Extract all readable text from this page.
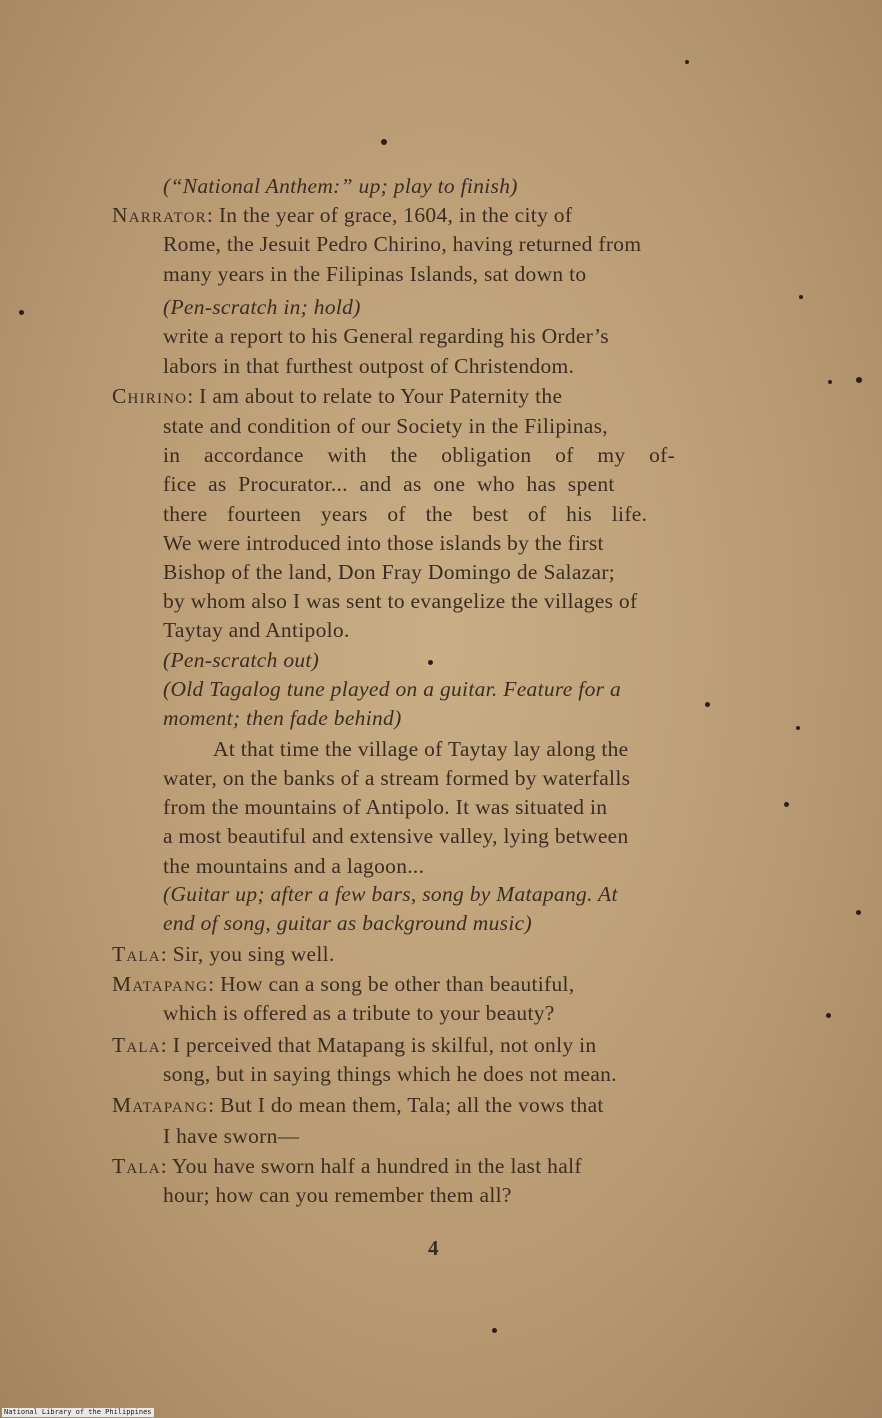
(“National Anthem:” up; play to finish)
Narrator: In the year of grace, 1604, in the city of
Rome, the Jesuit Pedro Chirino, having returned from
many years in the Filipinas Islands, sat down to
(Pen-scratch in; hold)
write a report to his General regarding his Order’s
labors in that furthest outpost of Christendom.
Chirino: I am about to relate to Your Paternity the
state and condition of our Society in the Filipinas,
in accordance with the obligation of my of-
fice as Procurator... and as one who has spent
there fourteen years of the best of his life.
We were introduced into those islands by the first
Bishop of the land, Don Fray Domingo de Salazar;
by whom also I was sent to evangelize the villages of
Taytay and Antipolo.
(Pen-scratch out)
(Old Tagalog tune played on a guitar. Feature for a
moment; then fade behind)
At that time the village of Taytay lay along the
water, on the banks of a stream formed by waterfalls
from the mountains of Antipolo. It was situated in
a most beautiful and extensive valley, lying between
the mountains and a lagoon...
(Guitar up; after a few bars, song by Matapang. At
end of song, guitar as background music)
Tala: Sir, you sing well.
Matapang: How can a song be other than beautiful,
which is offered as a tribute to your beauty?
Tala: I perceived that Matapang is skilful, not only in
song, but in saying things which he does not mean.
Matapang: But I do mean them, Tala; all the vows that
I have sworn—
Tala: You have sworn half a hundred in the last half
hour; how can you remember them all?
4
National Library of the Philippines
